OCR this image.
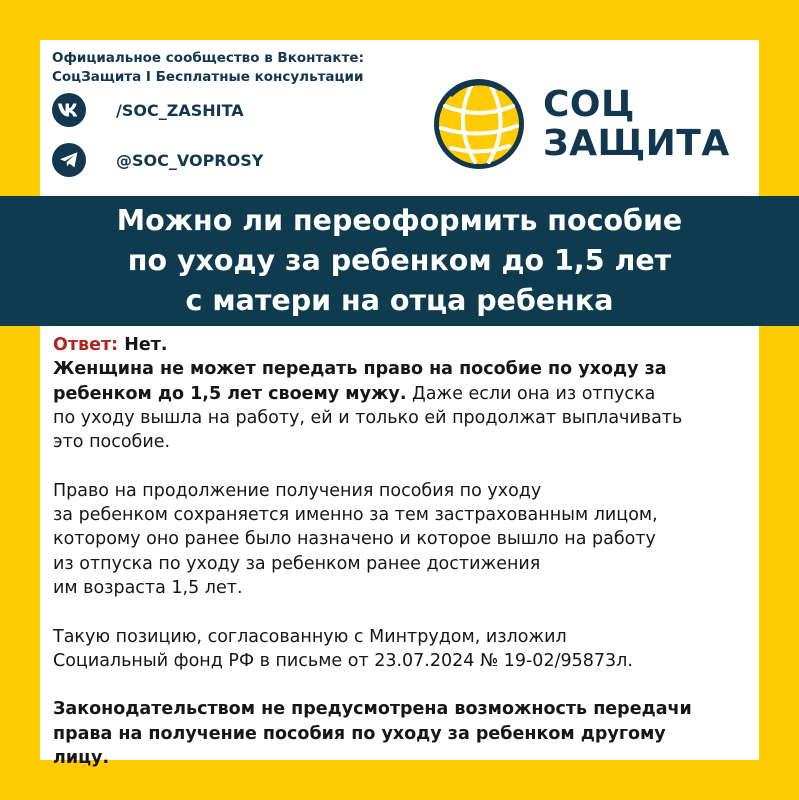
Официальное сообщество в Вконтакте:
СоцЗащита I Бесплатные консультации
/SOC_ZASHITA
@SOC_VOPROSY
СОЦ
ЗАЩИТА
Можно ли переоформить пособие
по уходу за ребенком до 1,5 лет
с матери на отца ребенка
Ответ: Нет.
Женщина не может передать право на пособие по уходу за
ребенком до 1,5 лет своему мужу. Даже если она из отпуска
по уходу вышла на работу, ей и только ей продолжат выплачивать
это пособие.
Право на продолжение получения пособия по уходу
за ребенком сохраняется именно за тем застрахованным лицом,
которому оно ранее было назначено и которое вышло на работу
из отпуска по уходу за ребенком ранее достижения
им возраста 1,5 лет.
Такую позицию, согласованную с Минтрудом, изложил
Социальный фонд РФ в письме от 23.07.2024 № 19-02/95873л.
Законодательством не предусмотрена возможность передачи
права на получение пособия по уходу за ребенком другому
лицу.
